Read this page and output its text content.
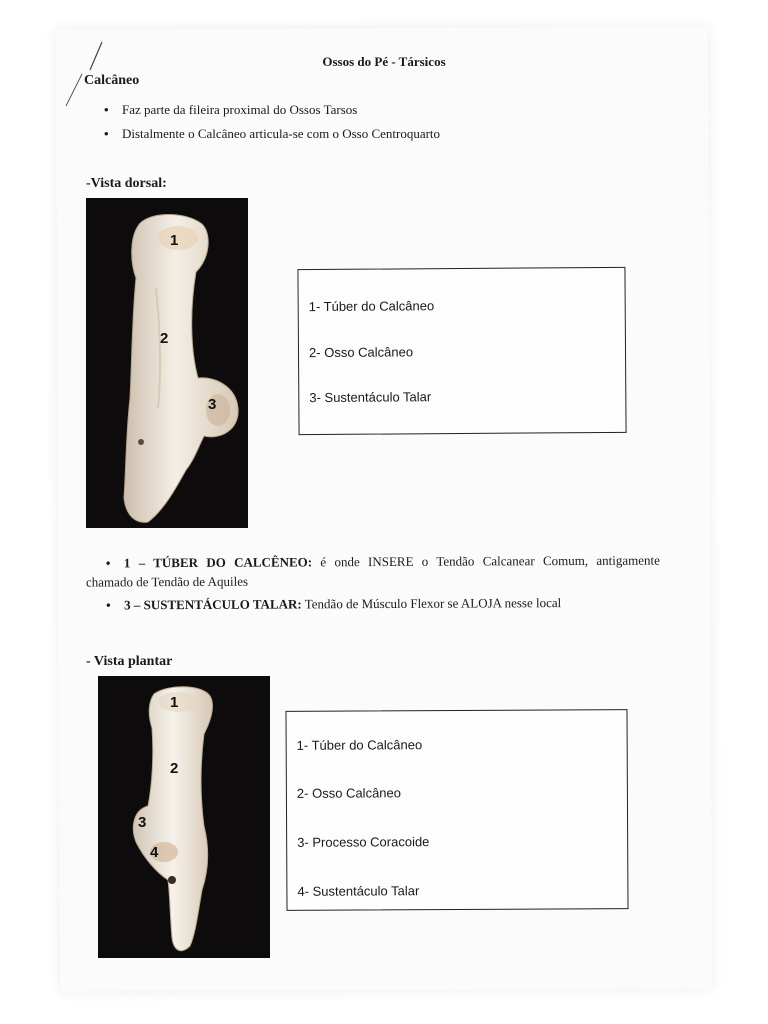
Ossos do Pé - Társicos
Calcâneo
• Faz parte da fileira proximal do Ossos Tarsos
• Distalmente o Calcâneo articula-se com o Osso Centroquarto
-Vista dorsal:
1
2
3
1- Túber do Calcâneo
2- Osso Calcâneo
3- Sustentáculo Talar
• 1 – TÚBER DO CALCÊNEO: é onde INSERE o Tendão Calcanear Comum, antigamente
chamado de Tendão de Aquiles
• 3 – SUSTENTÁCULO TALAR: Tendão de Músculo Flexor se ALOJA nesse local
- Vista plantar
1
2
3
4
1- Túber do Calcâneo
2- Osso Calcâneo
3- Processo Coracoide
4- Sustentáculo Talar
